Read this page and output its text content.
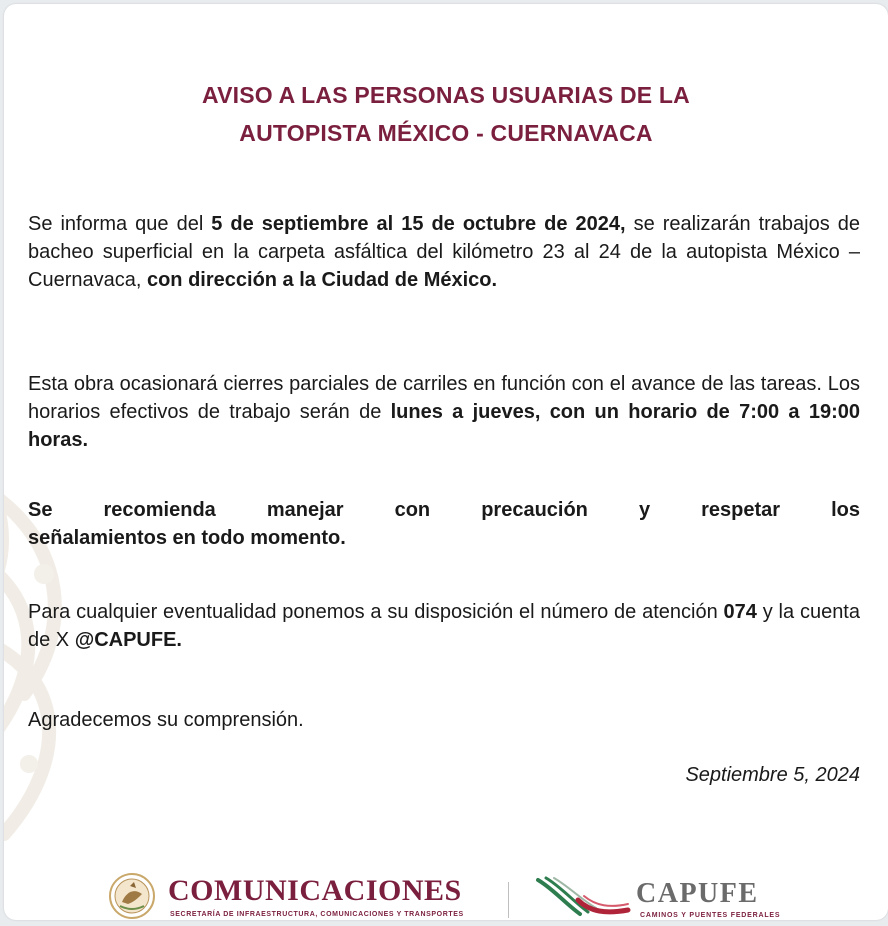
AVISO A LAS PERSONAS USUARIAS DE LA
AUTOPISTA MÉXICO - CUERNAVACA

Se informa que del 5 de septiembre al 15 de octubre de 2024, se realizarán trabajos de bacheo superficial en la carpeta asfáltica del kilómetro 23 al 24 de la autopista México – Cuernavaca, con dirección a la Ciudad de México.

Esta obra ocasionará cierres parciales de carriles en función con el avance de las tareas. Los horarios efectivos de trabajo serán de lunes a jueves, con un horario de 7:00 a 19:00 horas.

Se recomienda manejar con precaución y respetar los
señalamientos en todo momento.

Para cualquier eventualidad ponemos a su disposición el número de atención 074 y la cuenta de X @CAPUFE.

Agradecemos su comprensión.

Septiembre 5, 2024
COMUNICACIONES
SECRETARÍA DE INFRAESTRUCTURA, COMUNICACIONES Y TRANSPORTES
CAPUFE
CAMINOS Y PUENTES FEDERALES
